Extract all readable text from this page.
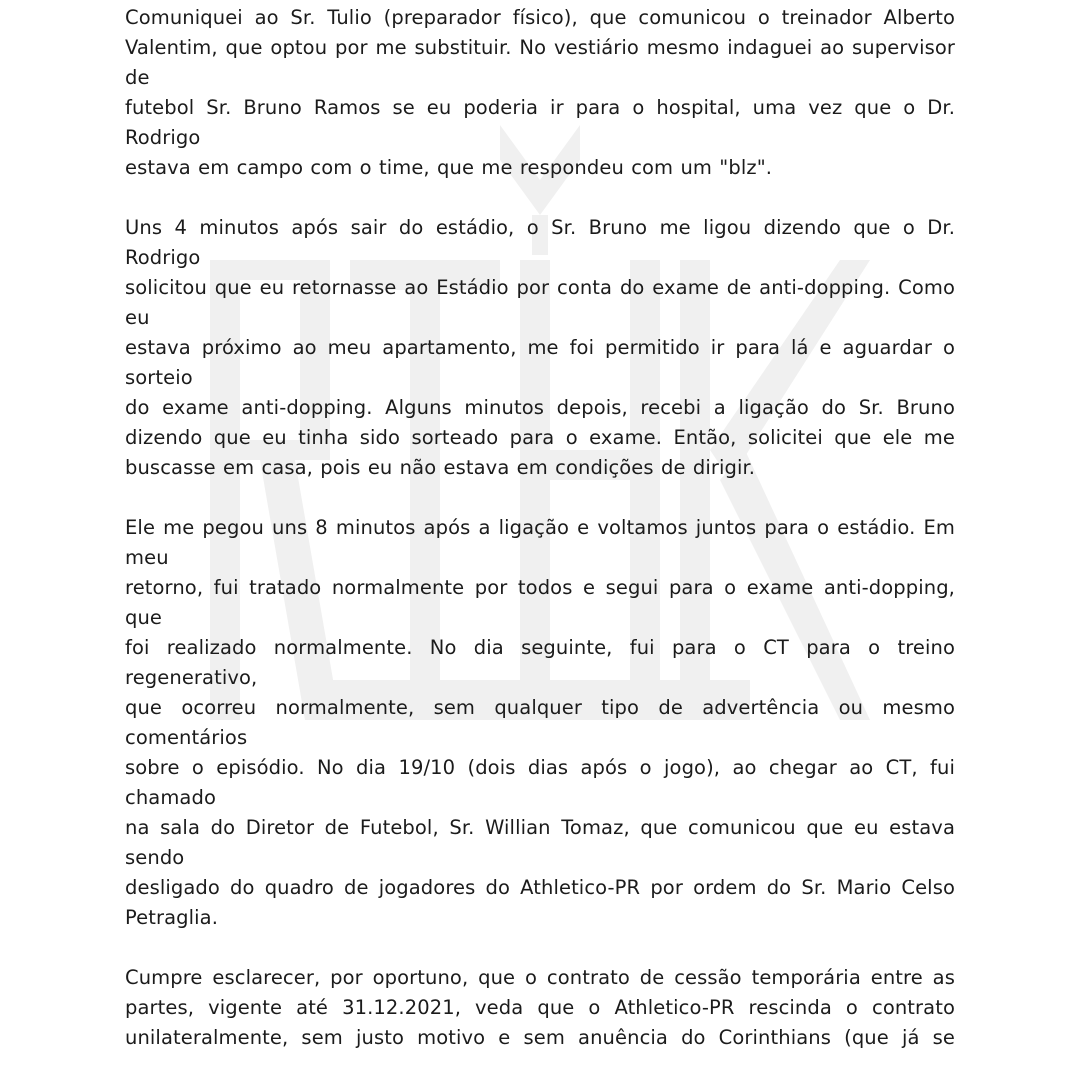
Comuniquei ao Sr. Tulio (preparador físico), que comunicou o treinador Alberto
Valentim, que optou por me substituir. No vestiário mesmo indaguei ao supervisor de
futebol Sr. Bruno Ramos se eu poderia ir para o hospital, uma vez que o Dr. Rodrigo
estava em campo com o time, que me respondeu com um "blz".
Uns 4 minutos após sair do estádio, o Sr. Bruno me ligou dizendo que o Dr. Rodrigo
solicitou que eu retornasse ao Estádio por conta do exame de anti-dopping. Como eu
estava próximo ao meu apartamento, me foi permitido ir para lá e aguardar o sorteio
do exame anti-dopping. Alguns minutos depois, recebi a ligação do Sr. Bruno
dizendo que eu tinha sido sorteado para o exame. Então, solicitei que ele me
buscasse em casa, pois eu não estava em condições de dirigir.
Ele me pegou uns 8 minutos após a ligação e voltamos juntos para o estádio. Em meu
retorno, fui tratado normalmente por todos e segui para o exame anti-dopping, que
foi realizado normalmente. No dia seguinte, fui para o CT para o treino regenerativo,
que ocorreu normalmente, sem qualquer tipo de advertência ou mesmo comentários
sobre o episódio. No dia 19/10 (dois dias após o jogo), ao chegar ao CT, fui chamado
na sala do Diretor de Futebol, Sr. Willian Tomaz, que comunicou que eu estava sendo
desligado do quadro de jogadores do Athletico-PR por ordem do Sr. Mario Celso
Petraglia.
Cumpre esclarecer, por oportuno, que o contrato de cessão temporária entre as
partes, vigente até 31.12.2021, veda que o Athletico-PR rescinda o contrato
unilateralmente, sem justo motivo e sem anuência do Corinthians (que já se
